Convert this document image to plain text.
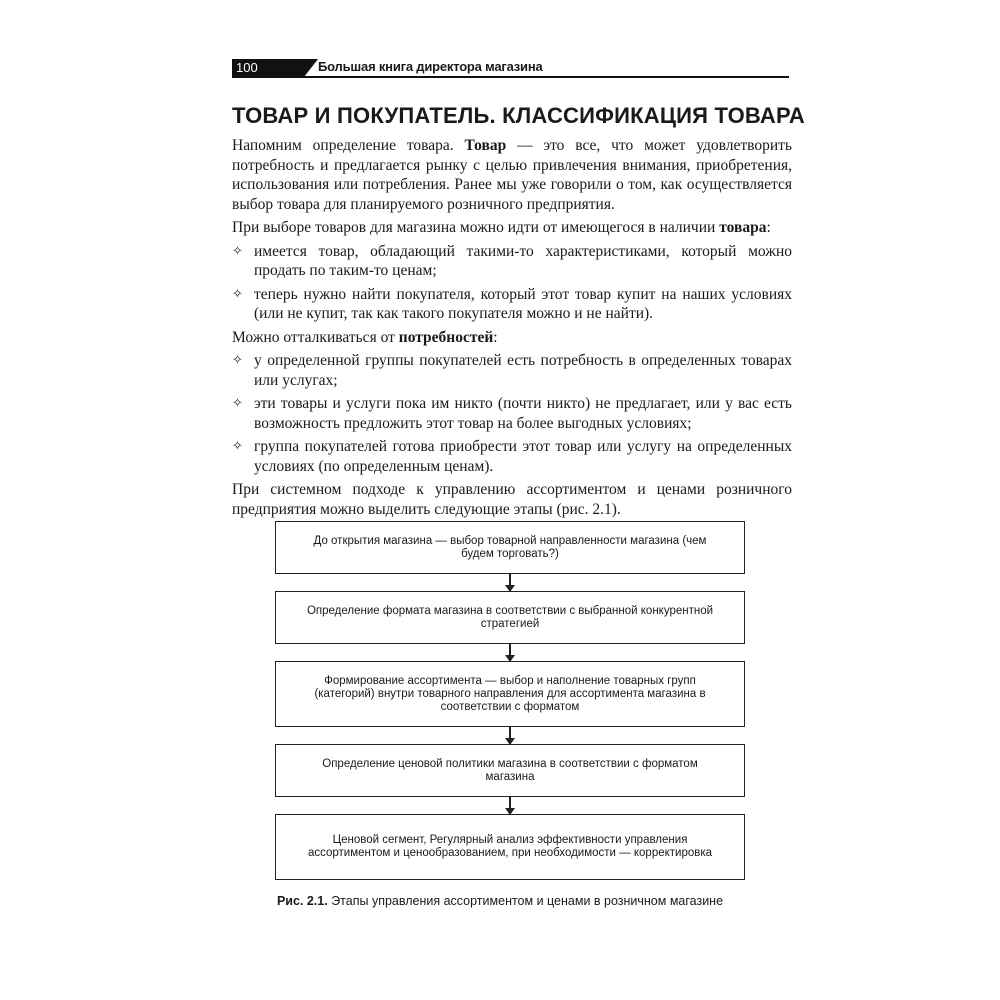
100	Большая книга директора магазина
ТОВАР И ПОКУПАТЕЛЬ. КЛАССИФИКАЦИЯ ТОВАРА

Напомним определение товара. Товар — это все, что может удовлетворить потребность и предлагается рынку с целью привлечения внимания, приобретения, использования или потребления. Ранее мы уже говорили о том, как осуществляется выбор товара для планируемого розничного предприятия.

При выборе товаров для магазина можно идти от имеющегося в наличии товара:

✧ имеется товар, обладающий такими-то характеристиками, который можно продать по таким-то ценам;
✧ теперь нужно найти покупателя, который этот товар купит на наших условиях (или не купит, так как такого покупателя можно и не найти).

Можно отталкиваться от потребностей:

✧ у определенной группы покупателей есть потребность в определенных товарах или услугах;
✧ эти товары и услуги пока им никто (почти никто) не предлагает, или у вас есть возможность предложить этот товар на более выгодных условиях;
✧ группа покупателей готова приобрести этот товар или услугу на определенных условиях (по определенным ценам).

При системном подходе к управлению ассортиментом и ценами розничного предприятия можно выделить следующие этапы (рис. 2.1).

До открытия магазина — выбор товарной направленности магазина (чем будем торговать?)
Определение формата магазина в соответствии с выбранной конкурентной стратегией
Формирование ассортимента — выбор и наполнение товарных групп (категорий) внутри товарного направления для ассортимента магазина в соответствии с форматом
Определение ценовой политики магазина в соответствии с форматом магазина
Ценовой сегмент, Регулярный анализ эффективности управления ассортиментом и ценообразованием, при необходимости — корректировка
Рис. 2.1. Этапы управления ассортиментом и ценами в розничном магазине
